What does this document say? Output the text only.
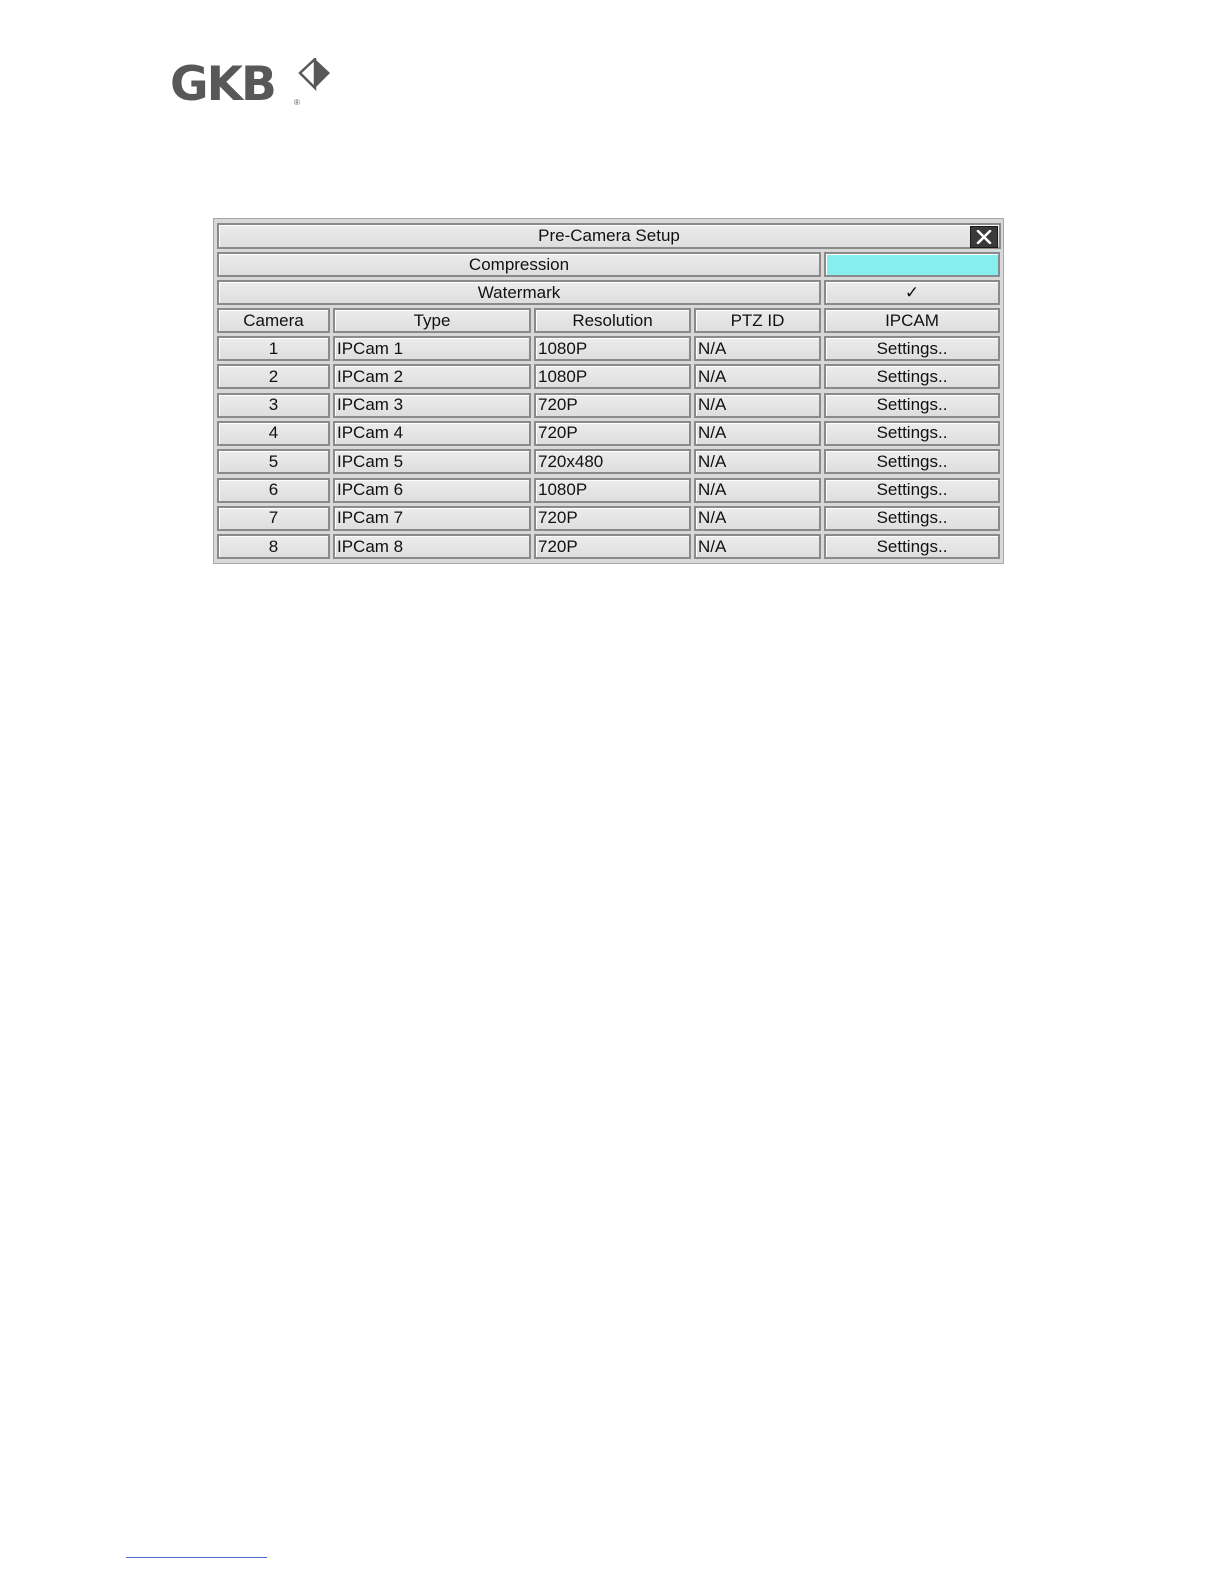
GKB ®
Pre-Camera Setup
Compression
Watermark	✓
Camera	Type	Resolution	PTZ ID	IPCAM
1	IPCam 1	1080P	N/A	Settings..
2	IPCam 2	1080P	N/A	Settings..
3	IPCam 3	720P	N/A	Settings..
4	IPCam 4	720P	N/A	Settings..
5	IPCam 5	720x480	N/A	Settings..
6	IPCam 6	1080P	N/A	Settings..
7	IPCam 7	720P	N/A	Settings..
8	IPCam 8	720P	N/A	Settings..
